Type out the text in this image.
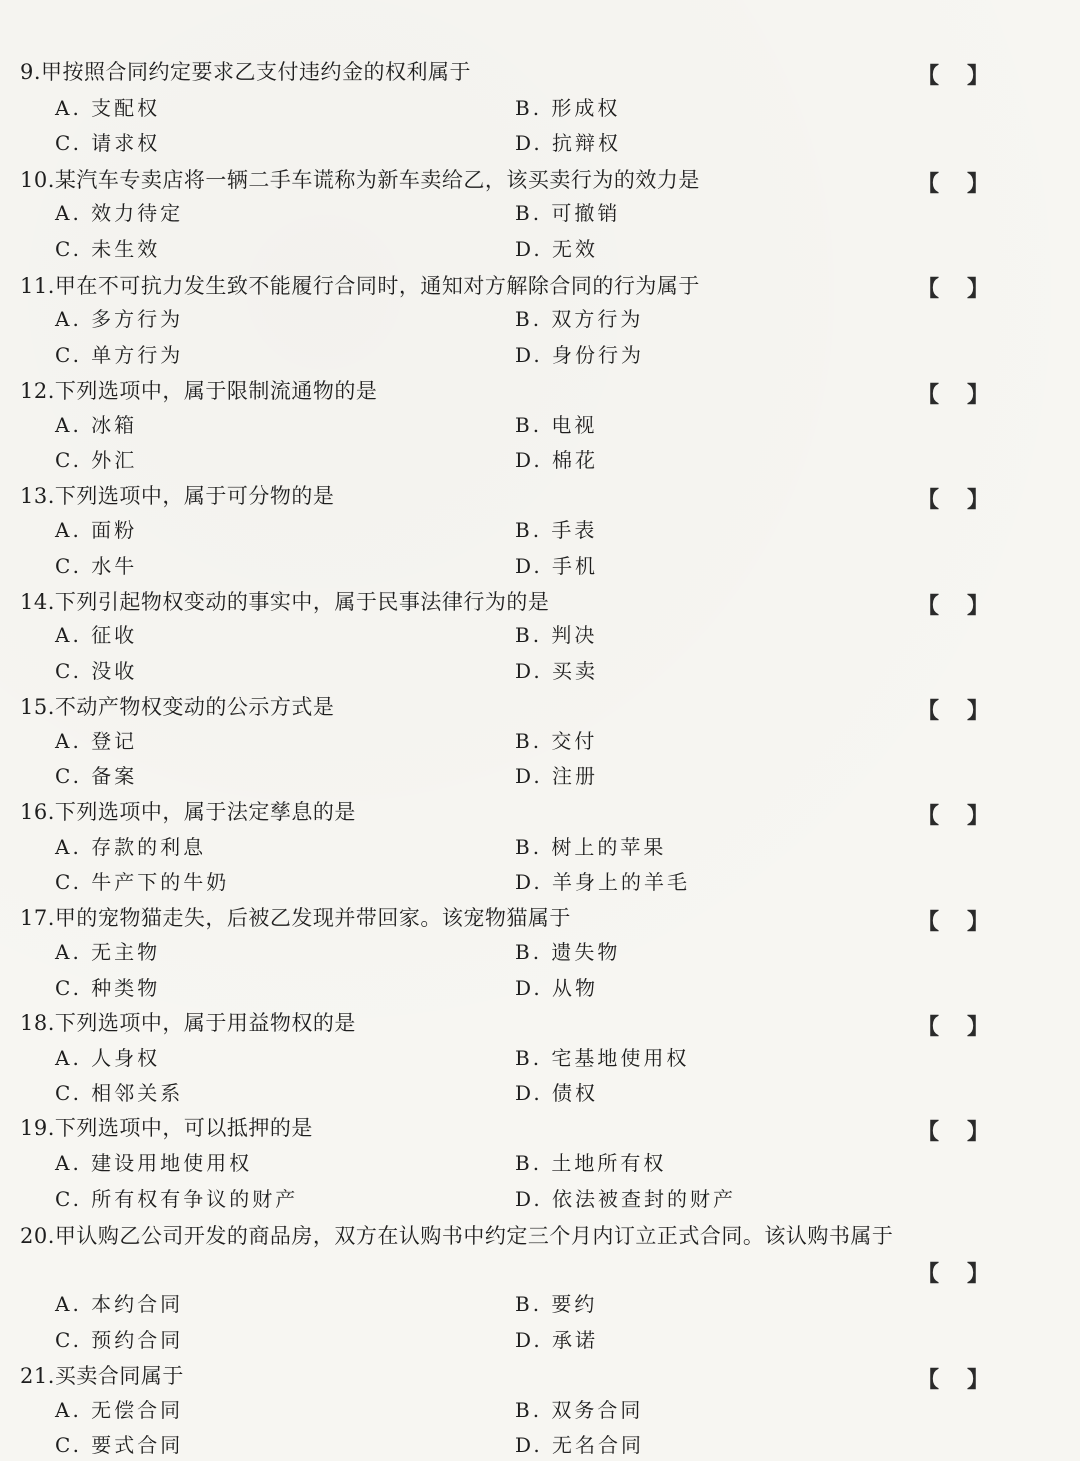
9.甲按照合同约定要求乙支付违约金的权利属于	【 】
A. 支配权	B. 形成权
C. 请求权	D. 抗辩权
10.某汽车专卖店将一辆二手车谎称为新车卖给乙，该买卖行为的效力是	【 】
A. 效力待定	B. 可撤销
C. 未生效	D. 无效
11.甲在不可抗力发生致不能履行合同时，通知对方解除合同的行为属于	【 】
A. 多方行为	B. 双方行为
C. 单方行为	D. 身份行为
12.下列选项中，属于限制流通物的是	【 】
A. 冰箱	B. 电视
C. 外汇	D. 棉花
13.下列选项中，属于可分物的是	【 】
A. 面粉	B. 手表
C. 水牛	D. 手机
14.下列引起物权变动的事实中，属于民事法律行为的是	【 】
A. 征收	B. 判决
C. 没收	D. 买卖
15.不动产物权变动的公示方式是	【 】
A. 登记	B. 交付
C. 备案	D. 注册
16.下列选项中，属于法定孳息的是	【 】
A. 存款的利息	B. 树上的苹果
C. 牛产下的牛奶	D. 羊身上的羊毛
17.甲的宠物猫走失，后被乙发现并带回家。该宠物猫属于	【 】
A. 无主物	B. 遗失物
C. 种类物	D. 从物
18.下列选项中，属于用益物权的是	【 】
A. 人身权	B. 宅基地使用权
C. 相邻关系	D. 债权
19.下列选项中，可以抵押的是	【 】
A. 建设用地使用权	B. 土地所有权
C. 所有权有争议的财产	D. 依法被查封的财产
20.甲认购乙公司开发的商品房，双方在认购书中约定三个月内订立正式合同。该认购书属于
【 】
A. 本约合同	B. 要约
C. 预约合同	D. 承诺
21.买卖合同属于	【 】
A. 无偿合同	B. 双务合同
C. 要式合同	D. 无名合同
